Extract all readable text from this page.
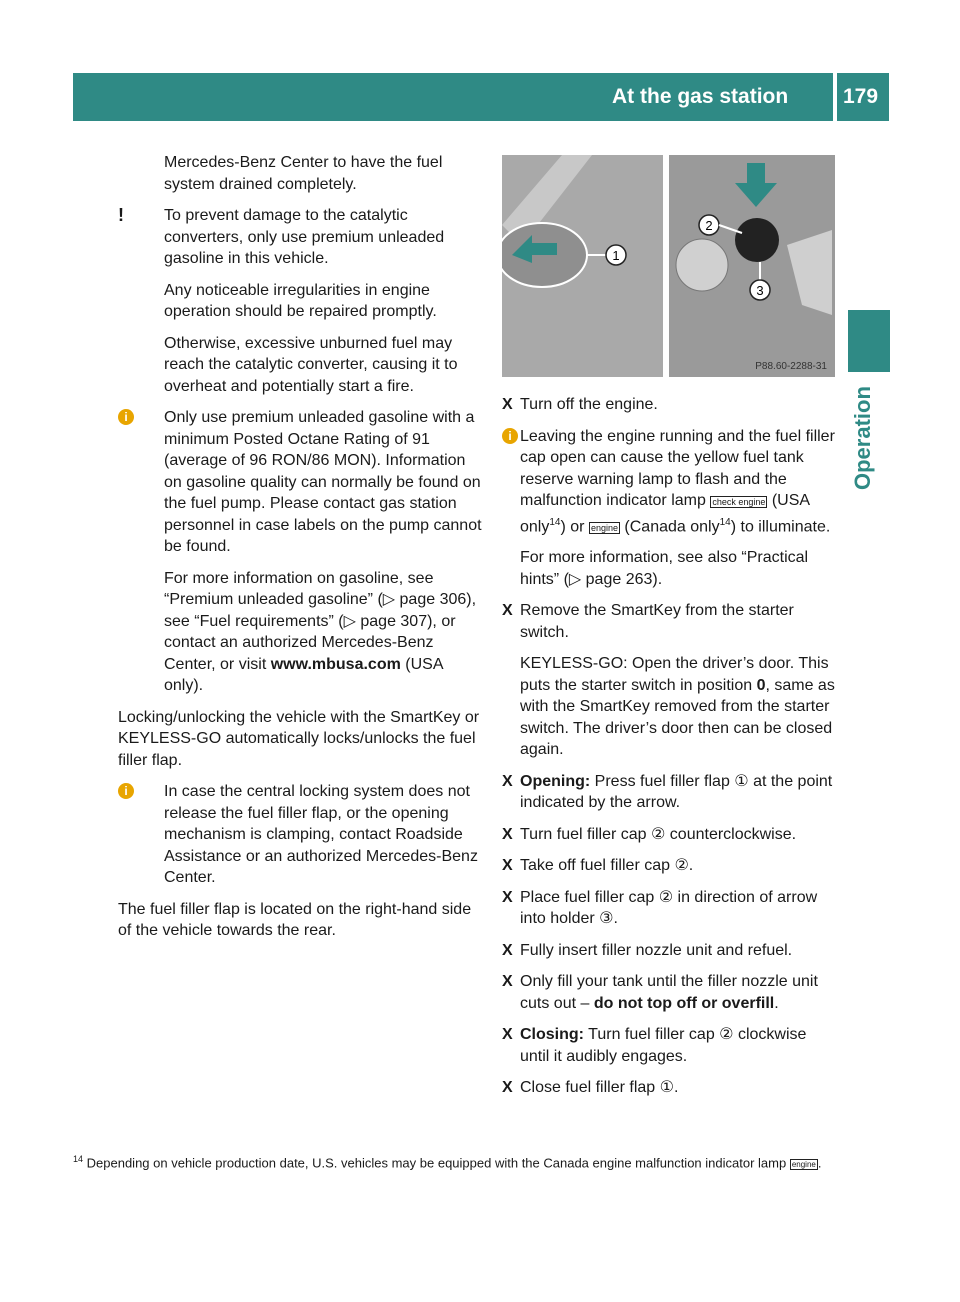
At the gas station	179
Operation

Mercedes-Benz Center to have the fuel system drained completely.

!	To prevent damage to the catalytic converters, only use premium unleaded gasoline in this vehicle.

Any noticeable irregularities in engine operation should be repaired promptly.

Otherwise, excessive unburned fuel may reach the catalytic converter, causing it to overheat and potentially start a fire.

i	Only use premium unleaded gasoline with a minimum Posted Octane Rating of 91 (average of 96 RON/86 MON). Information on gasoline quality can normally be found on the fuel pump. Please contact gas station personnel in case labels on the pump cannot be found.

For more information on gasoline, see “Premium unleaded gasoline” (▷ page 306), see “Fuel requirements” (▷ page 307), or contact an authorized Mercedes-Benz Center, or visit www.mbusa.com (USA only).

Locking/unlocking the vehicle with the SmartKey or KEYLESS-GO automatically locks/unlocks the fuel filler flap.

i	In case the central locking system does not release the fuel filler flap, or the opening mechanism is clamping, contact Roadside Assistance or an authorized Mercedes-Benz Center.

The fuel filler flap is located on the right-hand side of the vehicle towards the rear.

1
2
3
P88.60-2288-31
X Turn off the engine.
i Leaving the engine running and the fuel filler cap open can cause the yellow fuel tank reserve warning lamp to flash and the malfunction indicator lamp check engine (USA only$^{14}$) or engine (Canada only$^{14}$) to illuminate.

For more information, see also “Practical hints” (▷ page 263).

X Remove the SmartKey from the starter switch.

KEYLESS-GO: Open the driver’s door. This puts the starter switch in position 0, same as with the SmartKey removed from the starter switch. The driver’s door then can be closed again.

X Opening: Press fuel filler flap ① at the point indicated by the arrow.
X Turn fuel filler cap ② counterclockwise.
X Take off fuel filler cap ②.
X Place fuel filler cap ② in direction of arrow into holder ③.
X Fully insert filler nozzle unit and refuel.
X Only fill your tank until the filler nozzle unit cuts out – do not top off or overfill.
X Closing: Turn fuel filler cap ② clockwise until it audibly engages.
X Close fuel filler flap ①.
$^{14}$ Depending on vehicle production date, U.S. vehicles may be equipped with the Canada engine malfunction indicator lamp engine .
